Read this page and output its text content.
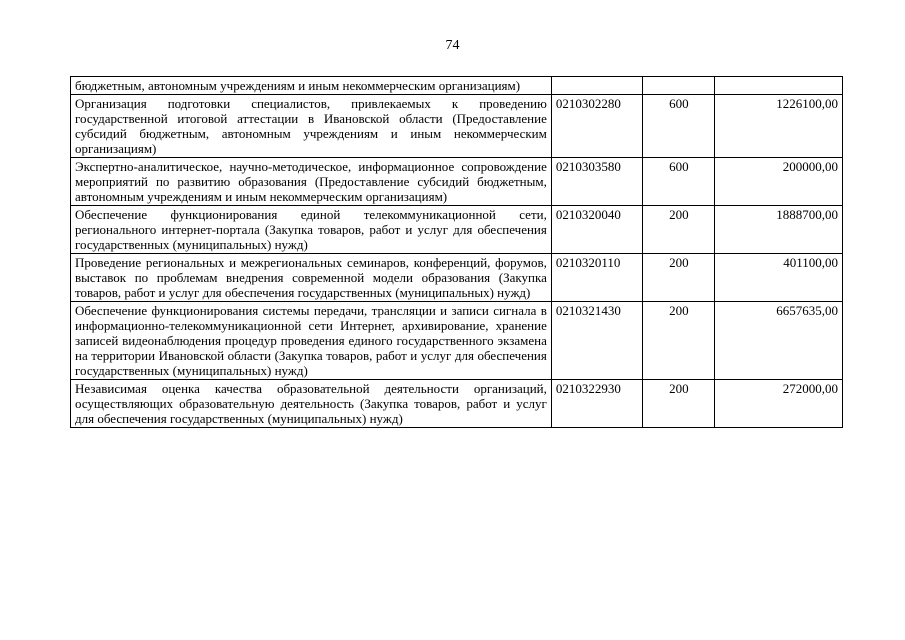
74
бюджетным, автономным учреждениям и иным некоммерческим организациям)			
Организация подготовки специалистов, привлекаемых к проведению государственной итоговой аттестации в Ивановской области (Предоставление субсидий бюджетным, автономным учреждениям и иным некоммерческим организациям)	0210302280	600	1226100,00
Экспертно-аналитическое, научно-методическое, информационное сопровождение мероприятий по развитию образования (Предоставление субсидий бюджетным, автономным учреждениям и иным некоммерческим организациям)	0210303580	600	200000,00
Обеспечение функционирования единой телекоммуникационной сети, регионального интернет-портала (Закупка товаров, работ и услуг для обеспечения государственных (муниципальных) нужд)	0210320040	200	1888700,00
Проведение региональных и межрегиональных семинаров, конференций, форумов, выставок по проблемам внедрения современной модели образования (Закупка товаров, работ и услуг для обеспечения государственных (муниципальных) нужд)	0210320110	200	401100,00
Обеспечение функционирования системы передачи, трансляции и записи сигнала в информационно-телекоммуникационной сети Интернет, архивирование, хранение записей видеонаблюдения процедур проведения единого государственного экзамена на территории Ивановской области (Закупка товаров, работ и услуг для обеспечения государственных (муниципальных) нужд)	0210321430	200	6657635,00
Независимая оценка качества образовательной деятельности организаций, осуществляющих образовательную деятельность (Закупка товаров, работ и услуг для обеспечения государственных (муниципальных) нужд)	0210322930	200	272000,00
